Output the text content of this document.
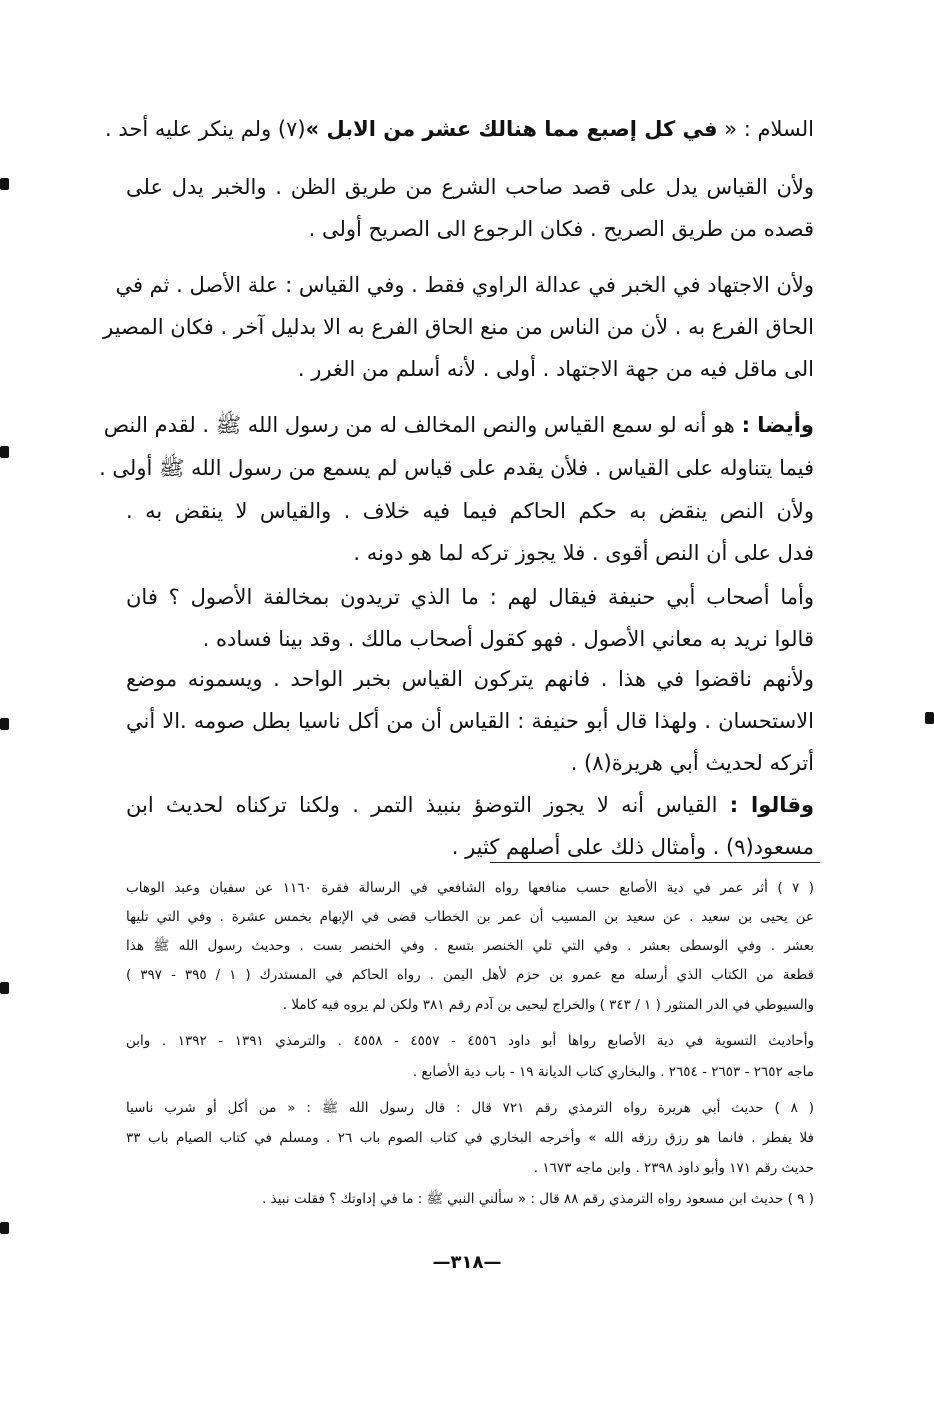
السلام : « في كل إصبع مما هنالك عشر من الابل »(٧) ولم ينكر عليه أحد .
ولأن القياس يدل على قصد صاحب الشرع من طريق الظن . والخبر يدل على
قصده من طريق الصريح . فكان الرجوع الى الصريح أولى .
ولأن الاجتهاد في الخبر في عدالة الراوي فقط . وفي القياس : علة الأصل . ثم في
الحاق الفرع به . لأن من الناس من منع الحاق الفرع به الا بدليل آخر . فكان المصير
الى ماقل فيه من جهة الاجتهاد . أولى . لأنه أسلم من الغرر .
وأيضا : هو أنه لو سمع القياس والنص المخالف له من رسول الله ﷺ . لقدم النص
فيما يتناوله على القياس . فلأن يقدم على قياس لم يسمع من رسول الله ﷺ أولى .
ولأن النص ينقض به حكم الحاكم فيما فيه خلاف . والقياس لا ينقض به .
فدل على أن النص أقوى . فلا يجوز تركه لما هو دونه .
وأما أصحاب أبي حنيفة فيقال لهم : ما الذي تريدون بمخالفة الأصول ؟ فان
قالوا نريد به معاني الأصول . فهو كقول أصحاب مالك . وقد بينا فساده .
ولأنهم ناقضوا في هذا . فانهم يتركون القياس بخبر الواحد . ويسمونه موضع
الاستحسان . ولهذا قال أبو حنيفة : القياس أن من أكل ناسيا بطل صومه .الا أني
أتركه لحديث أبي هريرة(٨) .
وقالوا : القياس أنه لا يجوز التوضؤ بنبيذ التمر . ولكنا تركناه لحديث ابن
مسعود(٩) . وأمثال ذلك على أصلهم كثير .
( ٧ ) أثر عمر في دية الأصابع حسب منافعها رواه الشافعي في الرسالة فقرة ١١٦٠ عن سفيان وعبد الوهاب
عن يحيى بن سعيد . عن سعيد بن المسيب أن عمر بن الخطاب قضى في الإبهام بخمس عشرة . وفي التي تليها
بعشر . وفي الوسطى بعشر . وفي التي تلي الخنصر بتسع . وفي الخنصر بست . وحديث رسول الله ﷺ هذا
قطعة من الكتاب الذي أرسله مع عمرو بن حزم لأهل اليمن . رواه الحاكم في المستدرك ( ١ / ٣٩٥ - ٣٩٧ )
والسيوطي في الدر المنثور ( ١ / ٣٤٣ ) والخراج ليحيى بن آدم رقم ٣٨١ ولكن لم يروه فيه كاملا .
وأحاديث التسوية في دية الأصابع رواها أبو داود ٤٥٥٦ - ٤٥٥٧ - ٤٥٥٨ . والترمذي ١٣٩١ - ١٣٩٢ . وابن
ماجه ٢٦٥٢ - ٢٦٥٣ - ٢٦٥٤ . والبخاري كتاب الديانة ١٩ - باب دية الأصابع .
( ٨ ) حديث أبي هريرة رواه الترمذي رقم ٧٢١ قال : قال رسول الله ﷺ : « من أكل أو شرب ناسيا
فلا يفطر . فانما هو رزق رزقه الله » وأخرجه البخاري في كتاب الصوم باب ٢٦ . ومسلم في كتاب الصيام باب ٣٣
حديث رقم ١٧١ وأبو داود ٢٣٩٨ . وابن ماجه ١٦٧٣ .
( ٩ ) حديث ابن مسعود رواه الترمذي رقم ٨٨ قال : « سألني النبي ﷺ : ما في إداوتك ؟ فقلت نبيذ .
—٣١٨—
